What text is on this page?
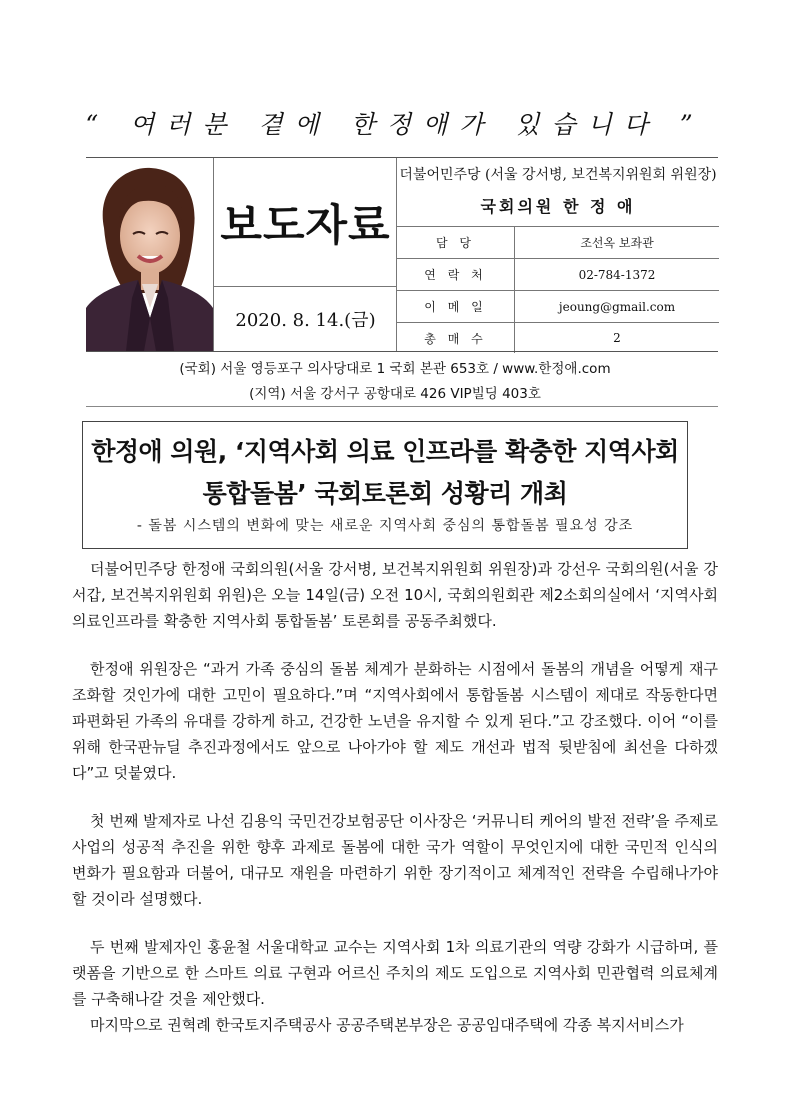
“ 여러분 곁에 한정애가 있습니다 ”
보도자료
2020. 8. 14.(금)
더불어민주당 (서울 강서병, 보건복지위원회 위원장)
국회의원 한 정 애
담 당	조선옥 보좌관
연 락 처	02-784-1372
이 메 일	jeoung@gmail.com
총 매 수	2
(국회) 서울 영등포구 의사당대로 1 국회 본관 653호 / www.한정애.com
(지역) 서울 강서구 공항대로 426 VIP빌딩 403호
한정애 의원, ‘지역사회 의료 인프라를 확충한 지역사회
통합돌봄’ 국회토론회 성황리 개최
- 돌봄 시스템의 변화에 맞는 새로운 지역사회 중심의 통합돌봄 필요성 강조

더불어민주당 한정애 국회의원(서울 강서병, 보건복지위원회 위원장)과 강선우 국회의원(서울 강서갑, 보건복지위원회 위원)은 오늘 14일(금) 오전 10시, 국회의원회관 제2소회의실에서 ‘지역사회 의료인프라를 확충한 지역사회 통합돌봄’ 토론회를 공동주최했다.

한정애 위원장은 “과거 가족 중심의 돌봄 체계가 분화하는 시점에서 돌봄의 개념을 어떻게 재구조화할 것인가에 대한 고민이 필요하다.”며 “지역사회에서 통합돌봄 시스템이 제대로 작동한다면 파편화된 가족의 유대를 강하게 하고, 건강한 노년을 유지할 수 있게 된다.”고 강조했다. 이어 “이를 위해 한국판뉴딜 추진과정에서도 앞으로 나아가야 할 제도 개선과 법적 뒷받침에 최선을 다하겠다”고 덧붙였다.

첫 번째 발제자로 나선 김용익 국민건강보험공단 이사장은 ‘커뮤니티 케어의 발전 전략’을 주제로 사업의 성공적 추진을 위한 향후 과제로 돌봄에 대한 국가 역할이 무엇인지에 대한 국민적 인식의 변화가 필요함과 더불어, 대규모 재원을 마련하기 위한 장기적이고 체계적인 전략을 수립해나가야 할 것이라 설명했다.

두 번째 발제자인 홍윤철 서울대학교 교수는 지역사회 1차 의료기관의 역량 강화가 시급하며, 플랫폼을 기반으로 한 스마트 의료 구현과 어르신 주치의 제도 도입으로 지역사회 민관협력 의료체계를 구축해나갈 것을 제안했다.

마지막으로 권혁례 한국토지주택공사 공공주택본부장은 공공임대주택에 각종 복지서비스가
